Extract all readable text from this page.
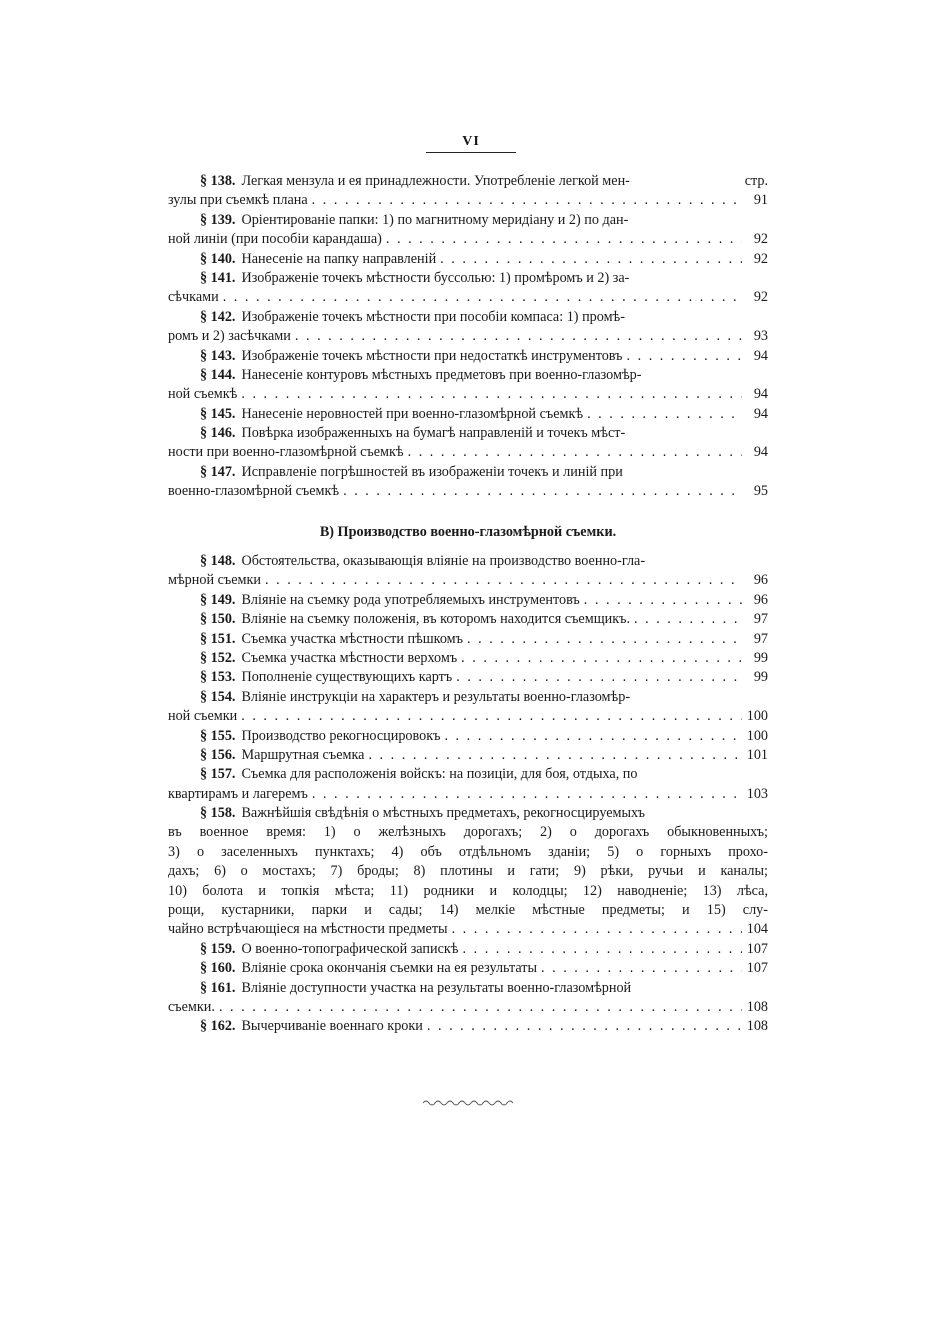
VI
§ 138. Легкая мензула и ея принадлежности. Употребленіе легкой мен-	стр.
зулы при съемкѣ плана . . .	91
§ 139. Оріентированіе папки: 1) по магнитному меридіану и 2) по дан-
ной линіи (при пособіи карандаша) . . .	92
§ 140. Нанесеніе на папку направленій . . .	92
§ 141. Изображеніе точекъ мѣстности буссолью: 1) промѣромъ и 2) за-
сѣчками . . .	92
§ 142. Изображеніе точекъ мѣстности при пособіи компаса: 1) промѣ-
ромъ и 2) засѣчками . . .	93
§ 143. Изображеніе точекъ мѣстности при недостаткѣ инструментовъ . . .	94
§ 144. Нанесеніе контуровъ мѣстныхъ предметовъ при военно-глазомѣр-
ной съемкѣ . . .	94
§ 145. Нанесеніе неровностей при военно-глазомѣрной съемкѣ . . .	94
§ 146. Повѣрка изображенныхъ на бумагѣ направленій и точекъ мѣст-
ности при военно-глазомѣрной съемкѣ . . .	94
§ 147. Исправленіе погрѣшностей въ изображеніи точекъ и линій при
военно-глазомѣрной съемкѣ . . .	95
В) Производство военно-глазомѣрной съемки.
§ 148. Обстоятельства, оказывающія вліяніе на производство военно-гла-
мѣрной съемки . . .	96
§ 149. Вліяніе на съемку рода употребляемыхъ инструментовъ . . .	96
§ 150. Вліяніе на съемку положенія, въ которомъ находится съемщикъ. . . .	97
§ 151. Съемка участка мѣстности пѣшкомъ . . .	97
§ 152. Съемка участка мѣстности верхомъ . . .	99
§ 153. Пополненіе существующихъ картъ . . .	99
§ 154. Вліяніе инструкціи на характеръ и результаты военно-глазомѣр-
ной съемки . . .	100
§ 155. Производство рекогносцировокъ . . .	100
§ 156. Маршрутная съемка . . .	101
§ 157. Съемка для расположенія войскъ: на позиціи, для боя, отдыха, по
квартирамъ и лагеремъ . . .	103
§ 158. Важнѣйшія свѣдѣнія о мѣстныхъ предметахъ, рекогносцируемыхъ
въ военное время: 1) о желѣзныхъ дорогахъ; 2) о дорогахъ обыкновенныхъ;
3) о заселенныхъ пунктахъ; 4) объ отдѣльномъ зданіи; 5) о горныхъ прохо-
дахъ; 6) о мостахъ; 7) броды; 8) плотины и гати; 9) рѣки, ручьи и каналы;
10) болота и топкія мѣста; 11) родники и колодцы; 12) наводненіе; 13) лѣса,
рощи, кустарники, парки и сады; 14) мелкіе мѣстные предметы; и 15) слу-
чайно встрѣчающіеся на мѣстности предметы . . .	104
§ 159. О военно-топографической запискѣ . . .	107
§ 160. Вліяніе срока окончанія съемки на ея результаты . . .	107
§ 161. Вліяніе доступности участка на результаты военно-глазомѣрной
съемки. . . .	108
§ 162. Вычерчиваніе военнаго кроки . . .	108
